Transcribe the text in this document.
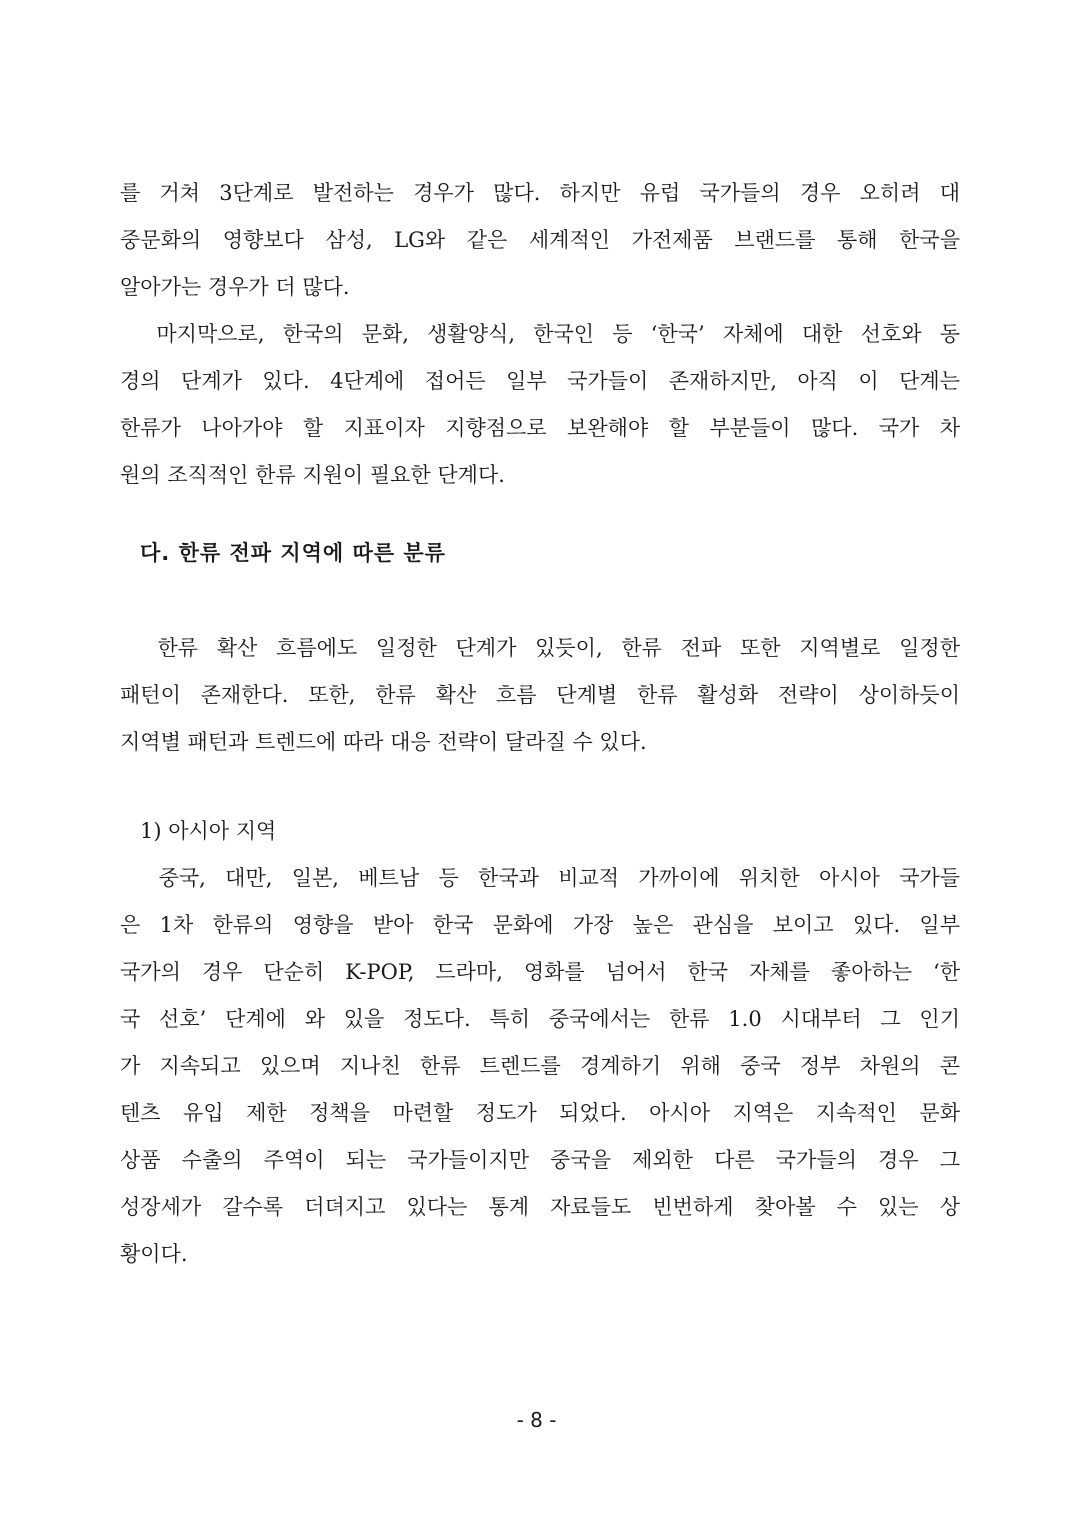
를 거쳐 3단계로 발전하는 경우가 많다. 하지만 유럽 국가들의 경우 오히려 대
중문화의 영향보다 삼성, LG와 같은 세계적인 가전제품 브랜드를 통해 한국을
알아가는 경우가 더 많다.
마지막으로, 한국의 문화, 생활양식, 한국인 등 ‘한국’ 자체에 대한 선호와 동
경의 단계가 있다. 4단계에 접어든 일부 국가들이 존재하지만, 아직 이 단계는
한류가 나아가야 할 지표이자 지향점으로 보완해야 할 부분들이 많다. 국가 차
원의 조직적인 한류 지원이 필요한 단계다.
다. 한류 전파 지역에 따른 분류
한류 확산 흐름에도 일정한 단계가 있듯이, 한류 전파 또한 지역별로 일정한
패턴이 존재한다. 또한, 한류 확산 흐름 단계별 한류 활성화 전략이 상이하듯이
지역별 패턴과 트렌드에 따라 대응 전략이 달라질 수 있다.
1) 아시아 지역
중국, 대만, 일본, 베트남 등 한국과 비교적 가까이에 위치한 아시아 국가들
은 1차 한류의 영향을 받아 한국 문화에 가장 높은 관심을 보이고 있다. 일부
국가의 경우 단순히 K-POP, 드라마, 영화를 넘어서 한국 자체를 좋아하는 ‘한
국 선호’ 단계에 와 있을 정도다. 특히 중국에서는 한류 1.0 시대부터 그 인기
가 지속되고 있으며 지나친 한류 트렌드를 경계하기 위해 중국 정부 차원의 콘
텐츠 유입 제한 정책을 마련할 정도가 되었다. 아시아 지역은 지속적인 문화
상품 수출의 주역이 되는 국가들이지만 중국을 제외한 다른 국가들의 경우 그
성장세가 갈수록 더뎌지고 있다는 통계 자료들도 빈번하게 찾아볼 수 있는 상
황이다.
- 8 -
